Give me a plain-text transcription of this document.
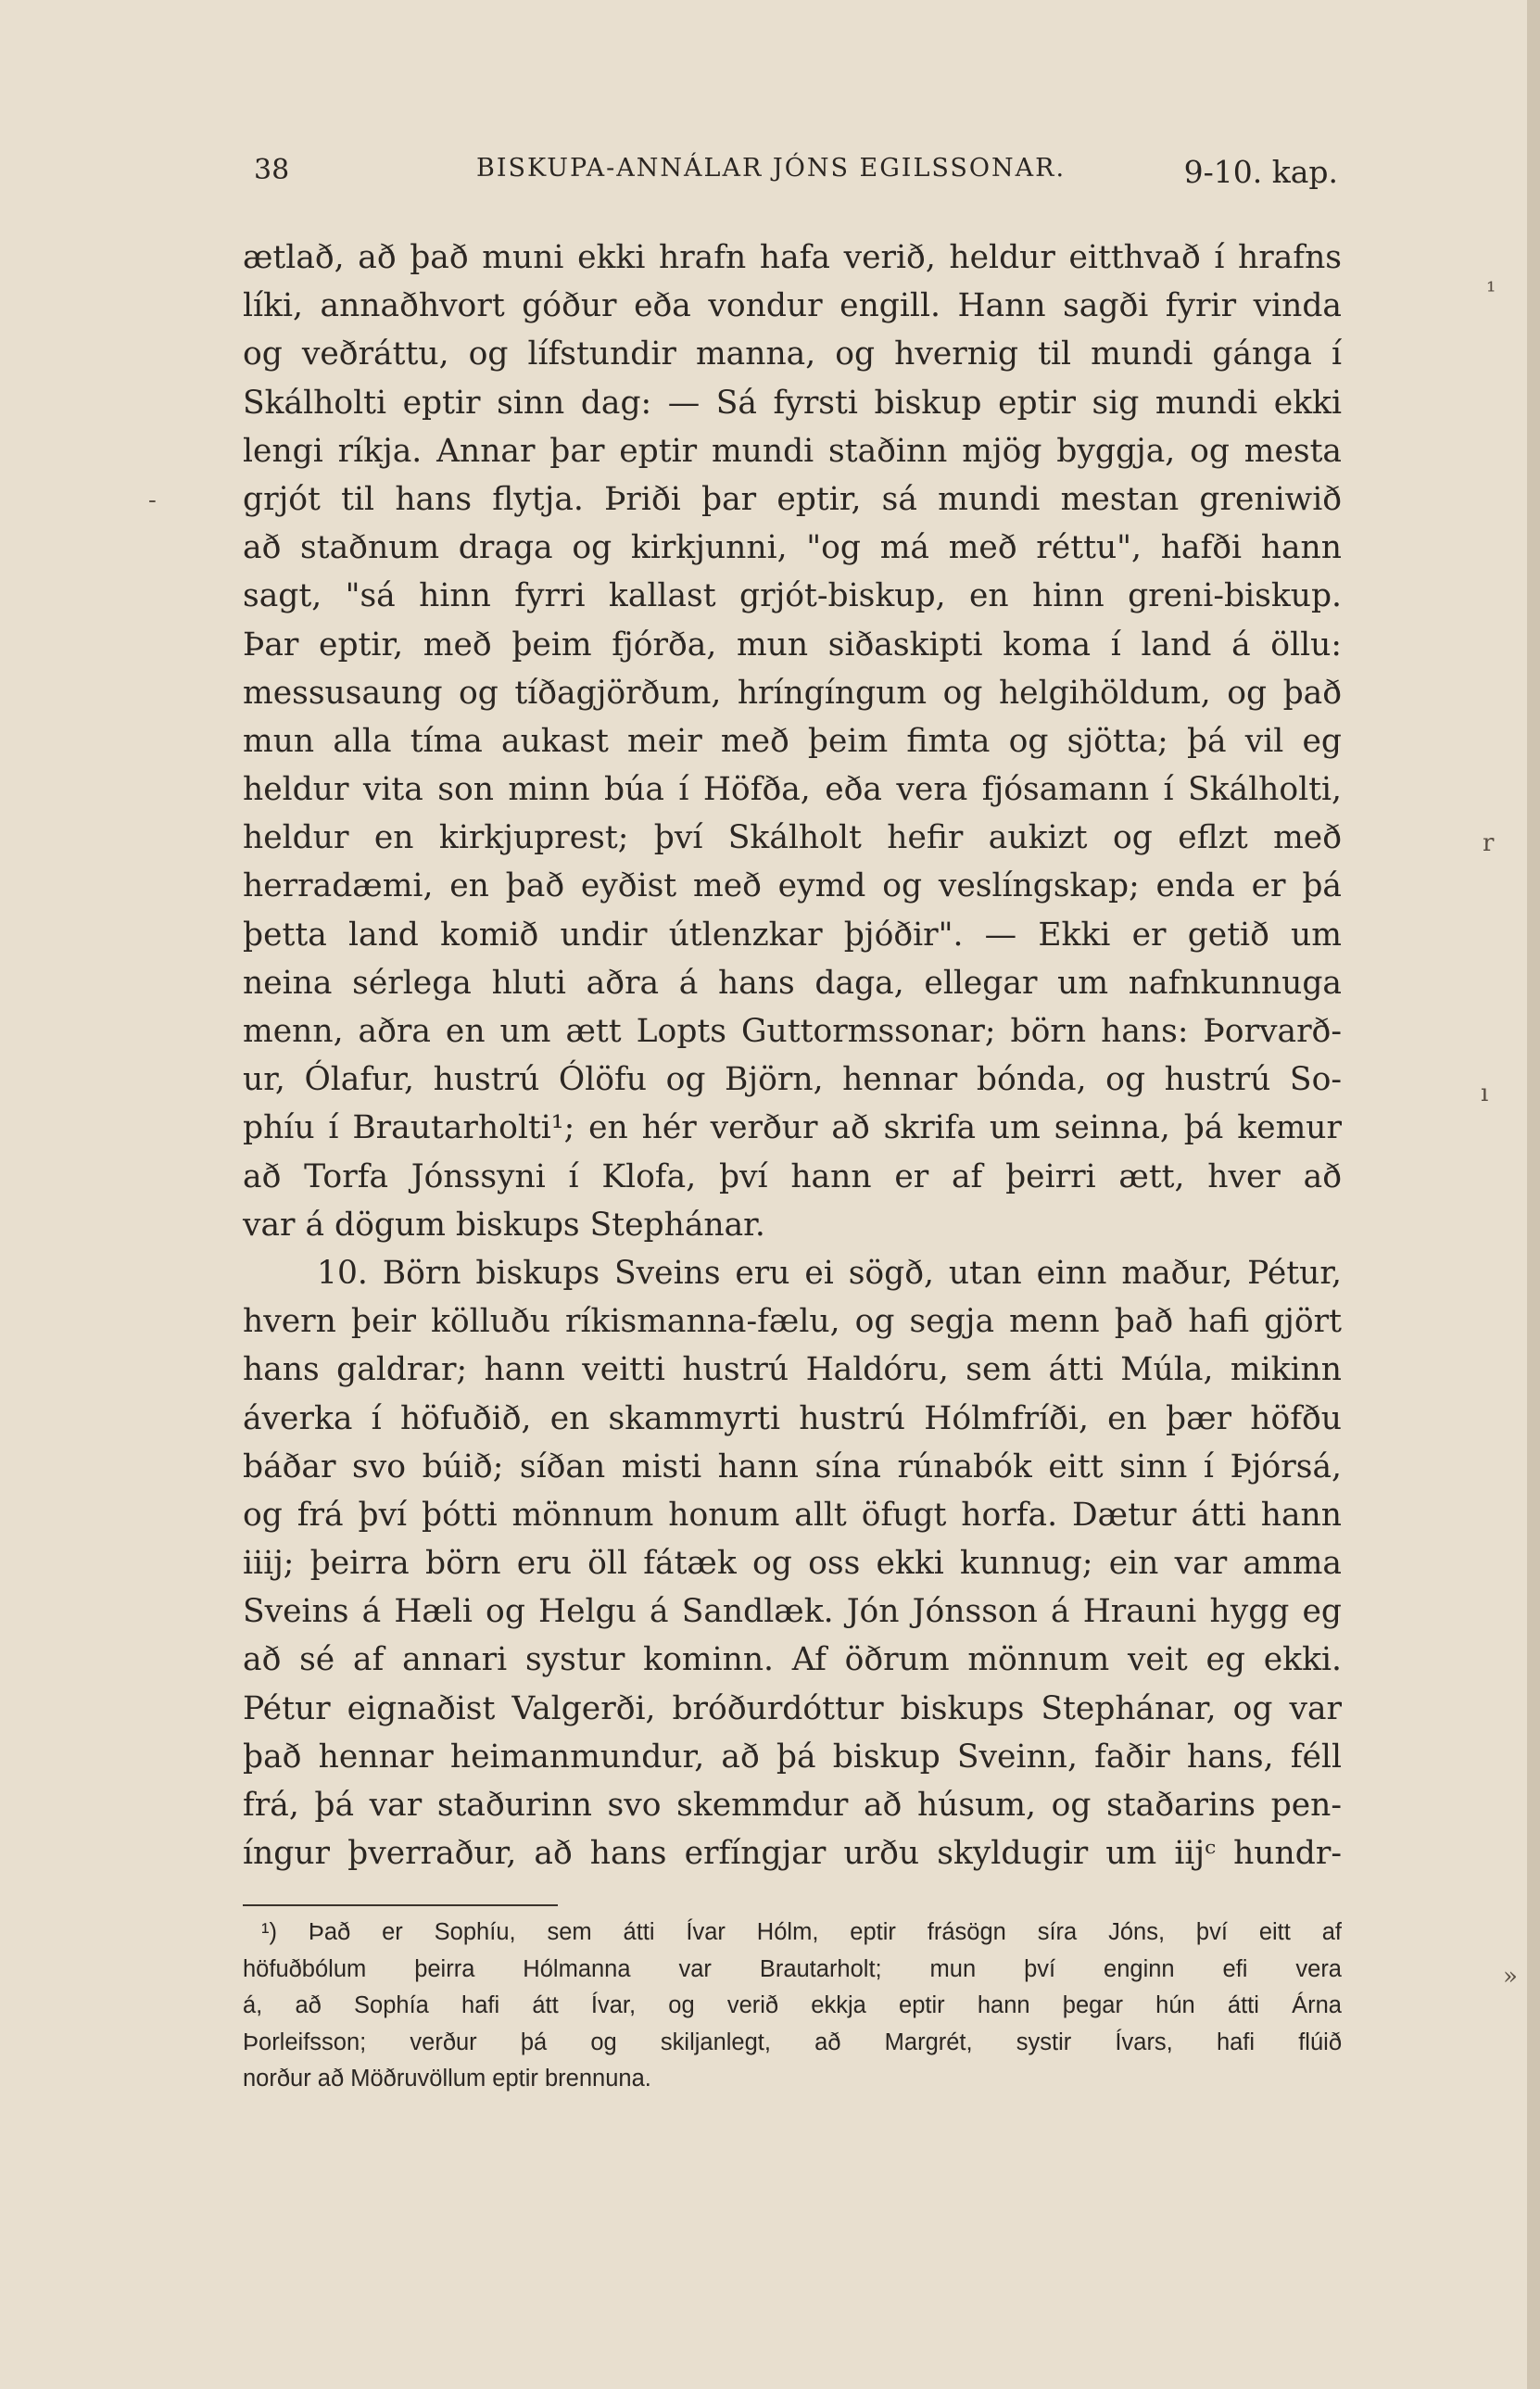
38	BISKUPA-ANNÁLAR JÓNS EGILSSONAR.	9-10. kap.
ætlað, að það muni ekki hrafn hafa verið, heldur eitthvað í hrafns
líki, annaðhvort góður eða vondur engill. Hann sagði fyrir vinda
og veðráttu, og lífstundir manna, og hvernig til mundi gánga í
Skálholti eptir sinn dag: — Sá fyrsti biskup eptir sig mundi ekki
lengi ríkja. Annar þar eptir mundi staðinn mjög byggja, og mesta
grjót til hans flytja. Þriði þar eptir, sá mundi mestan greniwið
að staðnum draga og kirkjunni, "og má með réttu", hafði hann
sagt, "sá hinn fyrri kallast grjót-biskup, en hinn greni-biskup.
Þar eptir, með þeim fjórða, mun siðaskipti koma í land á öllu:
messusaung og tíðagjörðum, hríngíngum og helgihöldum, og það
mun alla tíma aukast meir með þeim fimta og sjötta; þá vil eg
heldur vita son minn búa í Höfða, eða vera fjósamann í Skálholti,
heldur en kirkjuprest; því Skálholt hefir aukizt og eflzt með
herradæmi, en það eyðist með eymd og veslíngskap; enda er þá
þetta land komið undir útlenzkar þjóðir". — Ekki er getið um
neina sérlega hluti aðra á hans daga, ellegar um nafnkunnuga
menn, aðra en um ætt Lopts Guttormssonar; börn hans: Þorvarð-
ur, Ólafur, hustrú Ólöfu og Björn, hennar bónda, og hustrú So-
phíu í Brautarholti¹; en hér verður að skrifa um seinna, þá kemur
að Torfa Jónssyni í Klofa, því hann er af þeirri ætt, hver að
var á dögum biskups Stephánar.
10. Börn biskups Sveins eru ei sögð, utan einn maður, Pétur,
hvern þeir kölluðu ríkismanna-fælu, og segja menn það hafi gjört
hans galdrar; hann veitti hustrú Haldóru, sem átti Múla, mikinn
áverka í höfuðið, en skammyrti hustrú Hólmfríði, en þær höfðu
báðar svo búið; síðan misti hann sína rúnabók eitt sinn í Þjórsá,
og frá því þótti mönnum honum allt öfugt horfa. Dætur átti hann
iiij; þeirra börn eru öll fátæk og oss ekki kunnug; ein var amma
Sveins á Hæli og Helgu á Sandlæk. Jón Jónsson á Hrauni hygg eg
að sé af annari systur kominn. Af öðrum mönnum veit eg ekki.
Pétur eignaðist Valgerði, bróðurdóttur biskups Stephánar, og var
það hennar heimanmundur, að þá biskup Sveinn, faðir hans, féll
frá, þá var staðurinn svo skemmdur að húsum, og staðarins pen-
íngur þverraður, að hans erfíngjar urðu skyldugir um iijᶜ hundr-
¹) Það er Sophíu, sem átti Ívar Hólm, eptir frásögn síra Jóns, því eitt af
höfuðbólum þeirra Hólmanna var Brautarholt; mun því enginn efi vera
á, að Sophía hafi átt Ívar, og verið ekkja eptir hann þegar hún átti Árna
Þorleifsson; verður þá og skiljanlegt, að Margrét, systir Ívars, hafi flúið
norður að Möðruvöllum eptir brennuna.
¹
-
r
ı
»
